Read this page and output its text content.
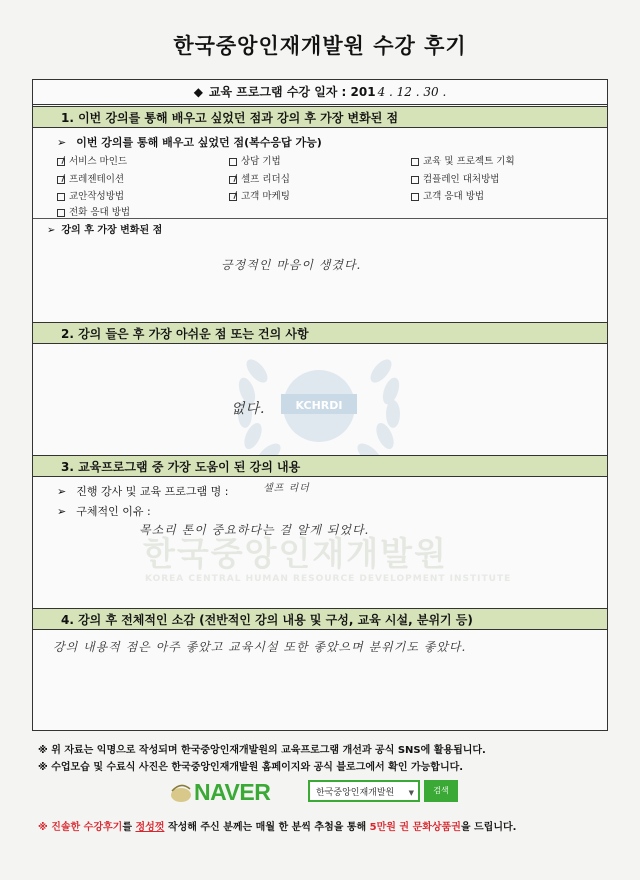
한국중앙인재개발원 수강 후기
KCHRDI
한국중앙인재개발원
KOREA CENTRAL HUMAN RESOURCE DEVELOPMENT INSTITUTE
◆ 교육 프로그램 수강 일자 : 201 4 . 12 . 30 .
1. 이번 강의를 통해 배우고 싶었던 점과 강의 후 가장 변화된 점
➢ 이번 강의를 통해 배우고 싶었던 점(복수응답 가능)
서비스 마인드	상담 기법	교육 및 프로젝트 기획
프레젠테이션	셀프 리더십	컴플레인 대처방법
교안작성방법	고객 마케팅	고객 응대 방법
전화 응대 방법
➢ 강의 후 가장 변화된 점
긍정적인 마음이 생겼다.
2. 강의 들은 후 가장 아쉬운 점 또는 건의 사항
없다.
3. 교육프로그램 중 가장 도움이 된 강의 내용
➢ 진행 강사 및 교육 프로그램 명 :	셀프 리더
➢ 구체적인 이유 :
목소리 톤이 중요하다는 걸 알게 되었다.
4. 강의 후 전체적인 소감 (전반적인 강의 내용 및 구성, 교육 시설, 분위기 등)
강의 내용적 점은 아주 좋았고 교육시설 또한 좋았으며 분위기도 좋았다.
※ 위 자료는 익명으로 작성되며 한국중앙인재개발원의 교육프로그램 개선과 공식 SNS에 활용됩니다.
※ 수업모습 및 수료식 사진은 한국중앙인재개발원 홈페이지와 공식 블로그에서 확인 가능합니다.
NAVER	한국중앙인재개발원 ▼	검색
※ 진솔한 수강후기를 정성껏 작성해 주신 분께는 매월 한 분씩 추첨을 통해 5만원 권 문화상품권을 드립니다.
